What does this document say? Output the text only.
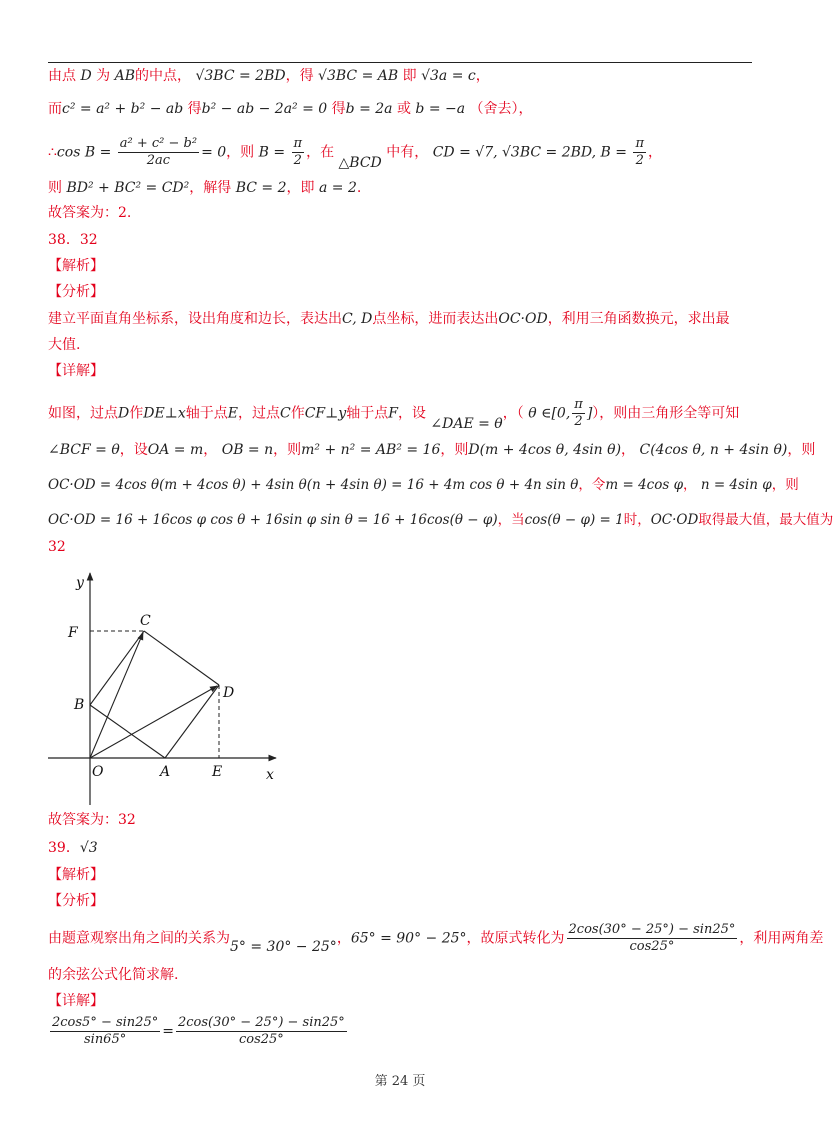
由点 D 为 AB的中点， √3BC = 2BD，得 √3BC = AB 即 √3a = c，
而c² = a² + b² − ab 得b² − ab − 2a² = 0 得b = 2a 或 b = −a （舍去），
∴cos $B = \frac{\text{a² + c² − b²}}{2ac} = 0$，则 $B = \frac{\pi}{2}$ ，在 △BCD 中有， CD = √7, √3BC = 2BD, $B = \frac{\pi}{2}$ ，
则 BD² + BC² = CD²，解得 BC = 2，即 a = 2.
故答案为：2.
38．32
【解析】
【分析】
建立平面直角坐标系，设出角度和边长，表达出C, D点坐标，进而表达出OC·OD，利用三角函数换元，求出最
大值.
【详解】
如图，过点D作DE⊥x轴于点E，过点C作CF⊥y轴于点F，设 ∠DAE = θ，（ θ ∈[0, $\frac{\pi}{2}$ ]），则由三角形全等可知
∠BCF = θ，设OA = m， OB = n，则m² + n² = AB² = 16，则D(m + 4cos θ, 4sin θ)， C(4cos θ, n + 4sin θ)，则
OC·OD = 4cos θ(m + 4cos θ) + 4sin θ(n + 4sin θ) = 16 + 4m cos θ + 4n sin θ，令m = 4cos φ， n = 4sin φ，则
OC·OD = 16 + 16cos φ cos θ + 16sin φ sin θ = 16 + 16cos(θ − φ)，当cos(θ − φ) = 1时，OC·OD取得最大值，最大值为
32
y
x
F
C
B
D
O	A	E
故答案为：32
39．√3
【解析】
【分析】
由题意观察出角之间的关系为5° = 30° − 25°，65° = 90° − 25°，故原式转化为 $\frac{2\cos(30^\circ - 25^\circ) - \sin 25^\circ}{\cos 25^\circ}$ ，利用两角差
的余弦公式化简求解.
【详解】
$\frac{2\cos 5^\circ - \sin 25^\circ}{\sin 65^\circ} = \frac{2\cos(30^\circ - 25^\circ) - \sin 25^\circ}{\cos 25^\circ}$
第 24 页
